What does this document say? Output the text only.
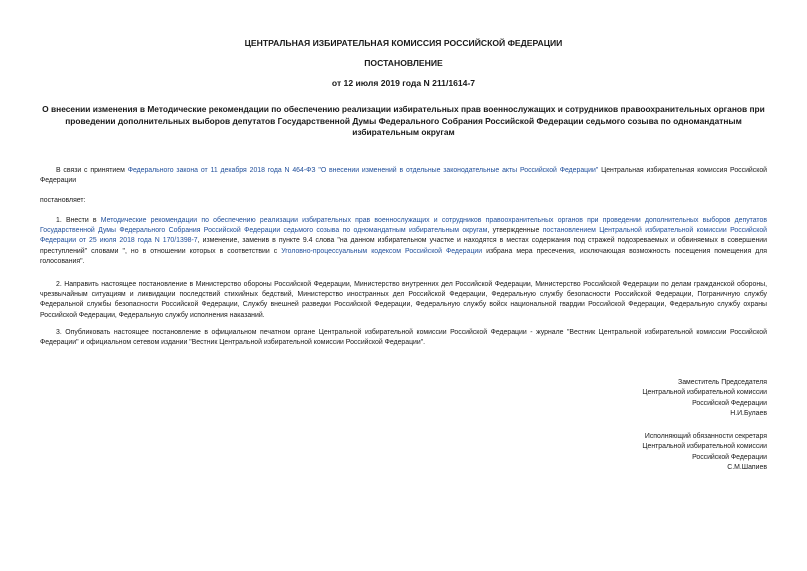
ЦЕНТРАЛЬНАЯ ИЗБИРАТЕЛЬНАЯ КОМИССИЯ РОССИЙСКОЙ ФЕДЕРАЦИИ

ПОСТАНОВЛЕНИЕ

от 12 июля 2019 года N 211/1614-7

О внесении изменения в Методические рекомендации по обеспечению реализации избирательных прав военнослужащих и сотрудников правоохранительных органов при проведении дополнительных выборов депутатов Государственной Думы Федерального Собрания Российской Федерации седьмого созыва по одномандатным избирательным округам

В связи с принятием Федерального закона от 11 декабря 2018 года N 464-ФЗ "О внесении изменений в отдельные законодательные акты Российской Федерации" Центральная избирательная комиссия Российской Федерации

постановляет:

1. Внести в Методические рекомендации по обеспечению реализации избирательных прав военнослужащих и сотрудников правоохранительных органов при проведении дополнительных выборов депутатов Государственной Думы Федерального Собрания Российской Федерации седьмого созыва по одномандатным избирательным округам, утвержденные постановлением Центральной избирательной комиссии Российской Федерации от 25 июля 2018 года N 170/1398-7, изменение, заменив в пункте 9.4 слова "на данном избирательном участке и находятся в местах содержания под стражей подозреваемых и обвиняемых в совершении преступлений" словами ", но в отношении которых в соответствии с Уголовно-процессуальным кодексом Российской Федерации избрана мера пресечения, исключающая возможность посещения помещения для голосования".

2. Направить настоящее постановление в Министерство обороны Российской Федерации, Министерство внутренних дел Российской Федерации, Министерство Российской Федерации по делам гражданской обороны, чрезвычайным ситуациям и ликвидации последствий стихийных бедствий, Министерство иностранных дел Российской Федерации, Федеральную службу безопасности Российской Федерации, Пограничную службу Федеральной службы безопасности Российской Федерации, Службу внешней разведки Российской Федерации, Федеральную службу войск национальной гвардии Российской Федерации, Федеральную службу охраны Российской Федерации, Федеральную службу исполнения наказаний.

3. Опубликовать настоящее постановление в официальном печатном органе Центральной избирательной комиссии Российской Федерации - журнале "Вестник Центральной избирательной комиссии Российской Федерации" и официальном сетевом издании "Вестник Центральной избирательной комиссии Российской Федерации".

Заместитель Председателя
Центральной избирательной комиссии
Российской Федерации
Н.И.Булаев
Исполняющий обязанности секретаря
Центральной избирательной комиссии
Российской Федерации
С.М.Шапиев
